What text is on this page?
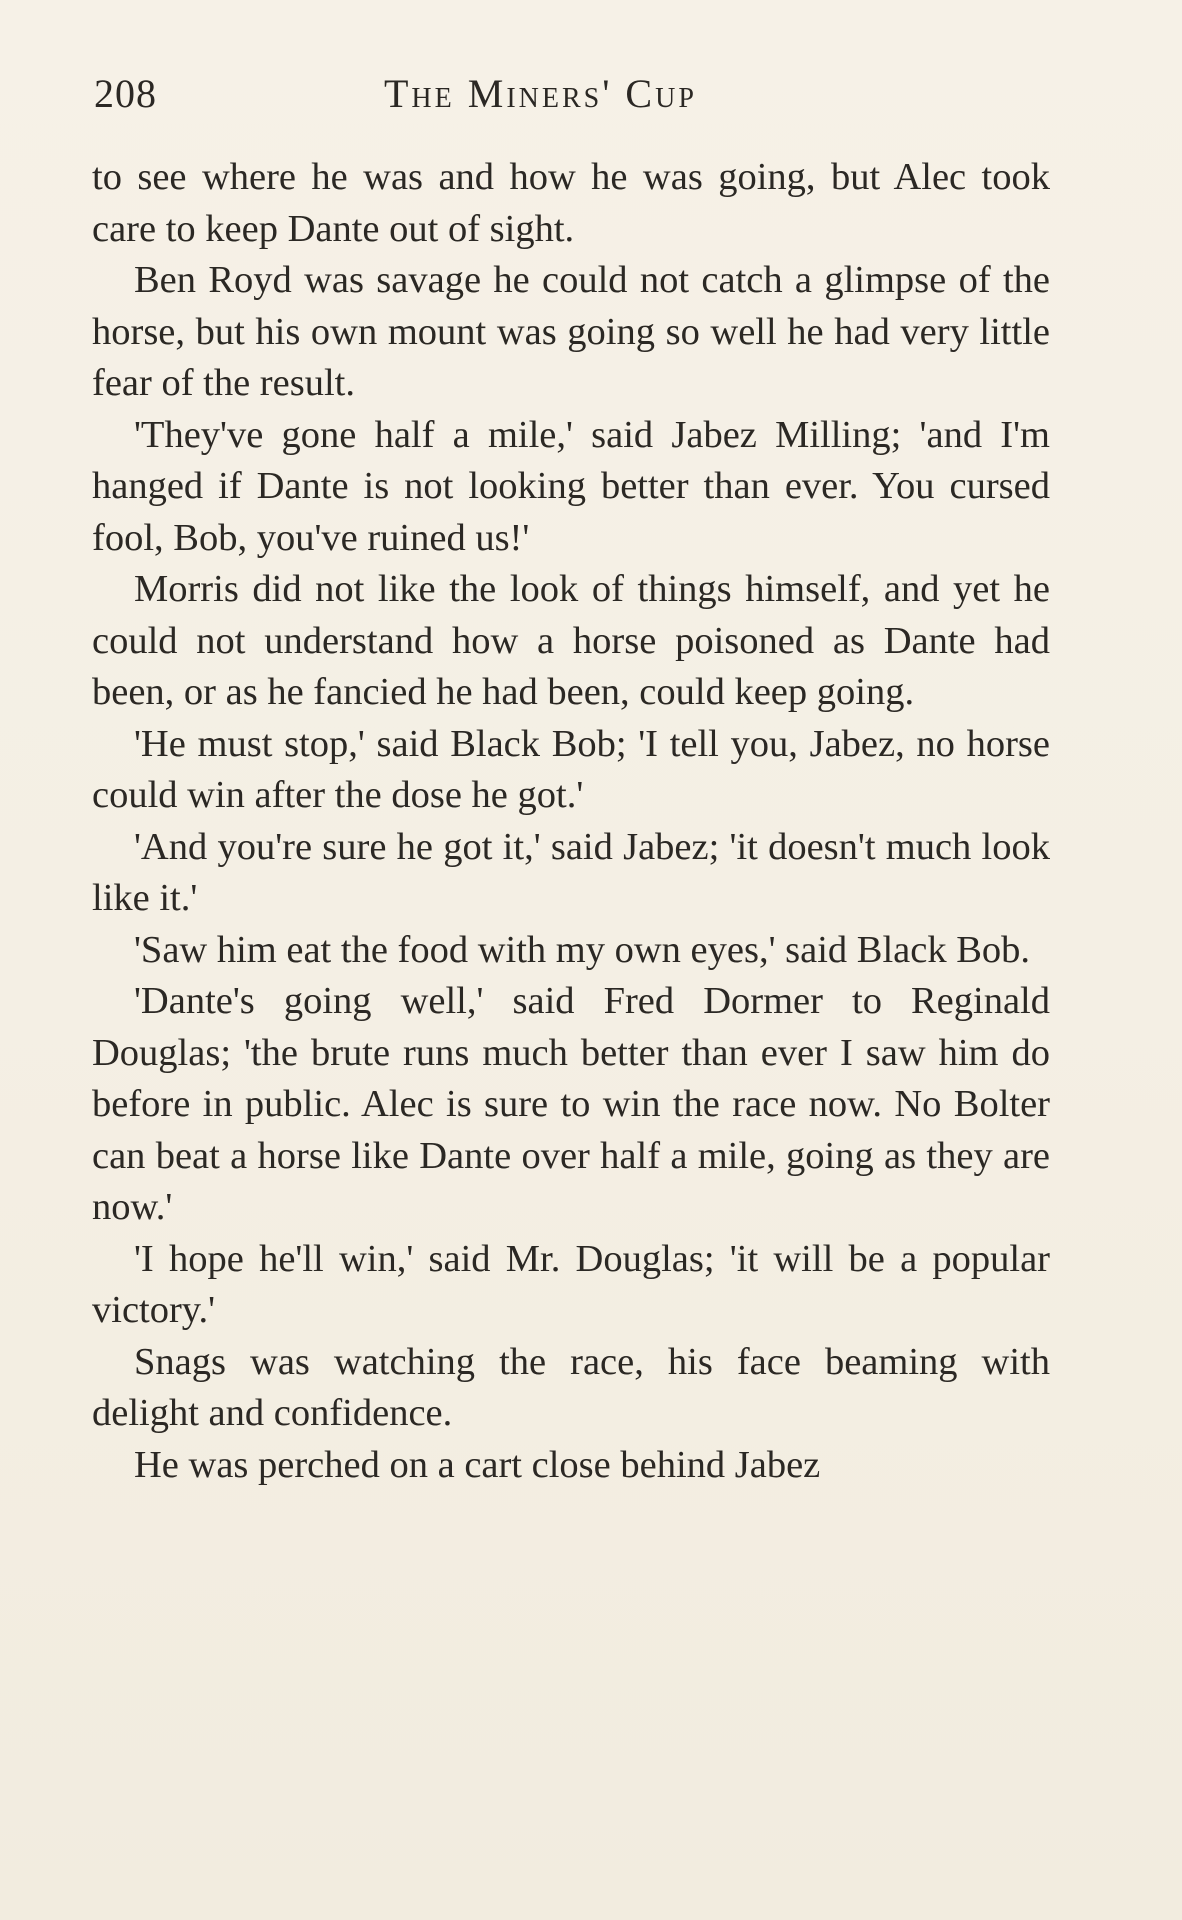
208	The Miners' Cup

to see where he was and how he was going, but Alec took care to keep Dante out of sight.

Ben Royd was savage he could not catch a glimpse of the horse, but his own mount was going so well he had very little fear of the result.

'They've gone half a mile,' said Jabez Milling; 'and I'm hanged if Dante is not looking better than ever. You cursed fool, Bob, you've ruined us!'

Morris did not like the look of things himself, and yet he could not understand how a horse poisoned as Dante had been, or as he fancied he had been, could keep going.

'He must stop,' said Black Bob; 'I tell you, Jabez, no horse could win after the dose he got.'

'And you're sure he got it,' said Jabez; 'it doesn't much look like it.'

'Saw him eat the food with my own eyes,' said Black Bob.

'Dante's going well,' said Fred Dormer to Reginald Douglas; 'the brute runs much better than ever I saw him do before in public. Alec is sure to win the race now. No Bolter can beat a horse like Dante over half a mile, going as they are now.'

'I hope he'll win,' said Mr. Douglas; 'it will be a popular victory.'

Snags was watching the race, his face beaming with delight and confidence.

He was perched on a cart close behind Jabez
